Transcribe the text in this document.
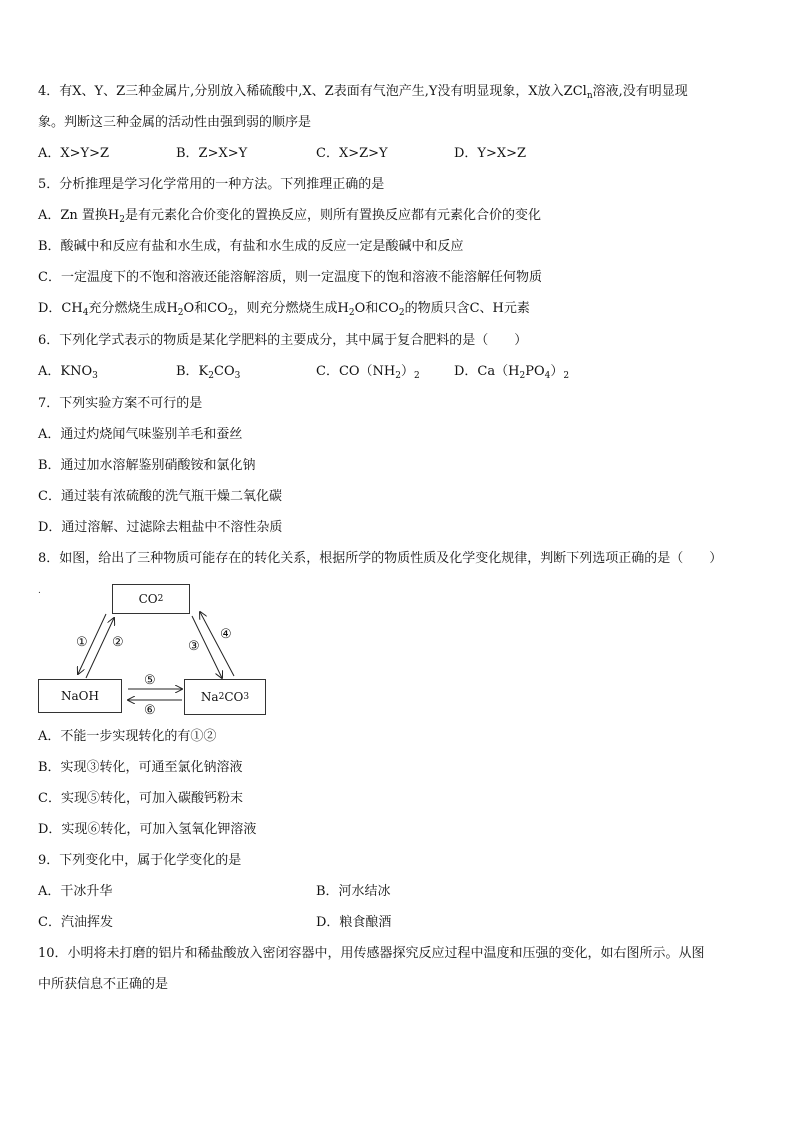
4．有X、Y、Z三种金属片,分别放入稀硫酸中,X、Z表面有气泡产生,Y没有明显现象，X放入ZCl$_n$溶液,没有明显现
象。判断这三种金属的活动性由强到弱的顺序是
A．X>Y>Z	B．Z>X>Y	C．X>Z>Y	D．Y>X>Z
5．分析推理是学习化学常用的一种方法。下列推理正确的是
A．Zn 置换$H_2$是有元素化合价变化的置换反应，则所有置换反应都有元素化合价的变化
B．酸碱中和反应有盐和水生成，有盐和水生成的反应一定是酸碱中和反应
C．一定温度下的不饱和溶液还能溶解溶质，则一定温度下的饱和溶液不能溶解任何物质
D．$CH_4$充分燃烧生成$H_2O$和$CO_2$，则充分燃烧生成$H_2O$和$CO_2$的物质只含C、H元素
6．下列化学式表示的物质是某化学肥料的主要成分，其中属于复合肥料的是（　　）
A．$KNO_3$	B．$K_2CO_3$	C．$CO(NH_2)_2$	D．$Ca(H_2PO_4)_2$
7．下列实验方案不可行的是
A．通过灼烧闻气味鉴别羊毛和蚕丝
B．通过加水溶解鉴别硝酸铵和氯化钠
C．通过装有浓硫酸的洗气瓶干燥二氧化碳
D．通过溶解、过滤除去粗盐中不溶性杂质
8．如图，给出了三种物质可能存在的转化关系，根据所学的物质性质及化学变化规律，判断下列选项正确的是（　　）
.
CO 2
NaOH	Na 2 CO 3
① ②	③
④
⑤
⑥
A．不能一步实现转化的有①②
B．实现③转化，可通至氯化钠溶液
C．实现⑤转化，可加入碳酸钙粉末
D．实现⑥转化，可加入氢氧化钾溶液
9．下列变化中，属于化学变化的是
A．干冰升华	B．河水结冰
C．汽油挥发	D．粮食酿酒
10．小明将未打磨的铝片和稀盐酸放入密闭容器中，用传感器探究反应过程中温度和压强的变化，如右图所示。从图
中所获信息不正确的是
